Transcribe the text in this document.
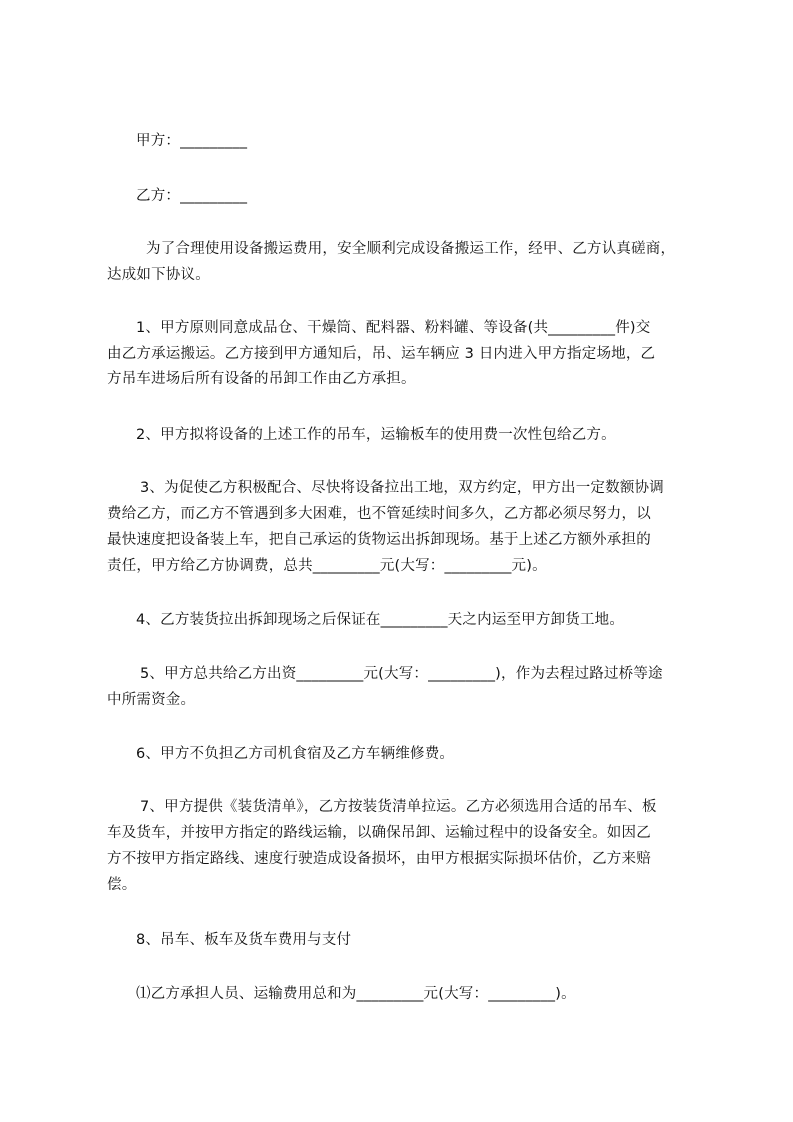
甲方：_________
乙方：_________
为了合理使用设备搬运费用，安全顺利完成设备搬运工作，经甲、乙方认真磋商，
达成如下协议。
1、甲方原则同意成品仓、干燥筒、配料器、粉料罐、等设备(共_________件)交
由乙方承运搬运。乙方接到甲方通知后，吊、运车辆应 3 日内进入甲方指定场地，乙
方吊车进场后所有设备的吊卸工作由乙方承担。
2、甲方拟将设备的上述工作的吊车，运输板车的使用费一次性包给乙方。
3、为促使乙方积极配合、尽快将设备拉出工地，双方约定，甲方出一定数额协调
费给乙方，而乙方不管遇到多大困难，也不管延续时间多久，乙方都必须尽努力，以
最快速度把设备装上车，把自己承运的货物运出拆卸现场。基于上述乙方额外承担的
责任，甲方给乙方协调费，总共_________元(大写：_________元)。
4、乙方装货拉出拆卸现场之后保证在_________天之内运至甲方卸货工地。
5、甲方总共给乙方出资_________元(大写：_________)，作为去程过路过桥等途
中所需资金。
6、甲方不负担乙方司机食宿及乙方车辆维修费。
7、甲方提供《装货清单》，乙方按装货清单拉运。乙方必须选用合适的吊车、板
车及货车，并按甲方指定的路线运输，以确保吊卸、运输过程中的设备安全。如因乙
方不按甲方指定路线、速度行驶造成设备损坏，由甲方根据实际损坏估价，乙方来赔
偿。
8、吊车、板车及货车费用与支付
⑴乙方承担人员、运输费用总和为_________元(大写：_________)。
